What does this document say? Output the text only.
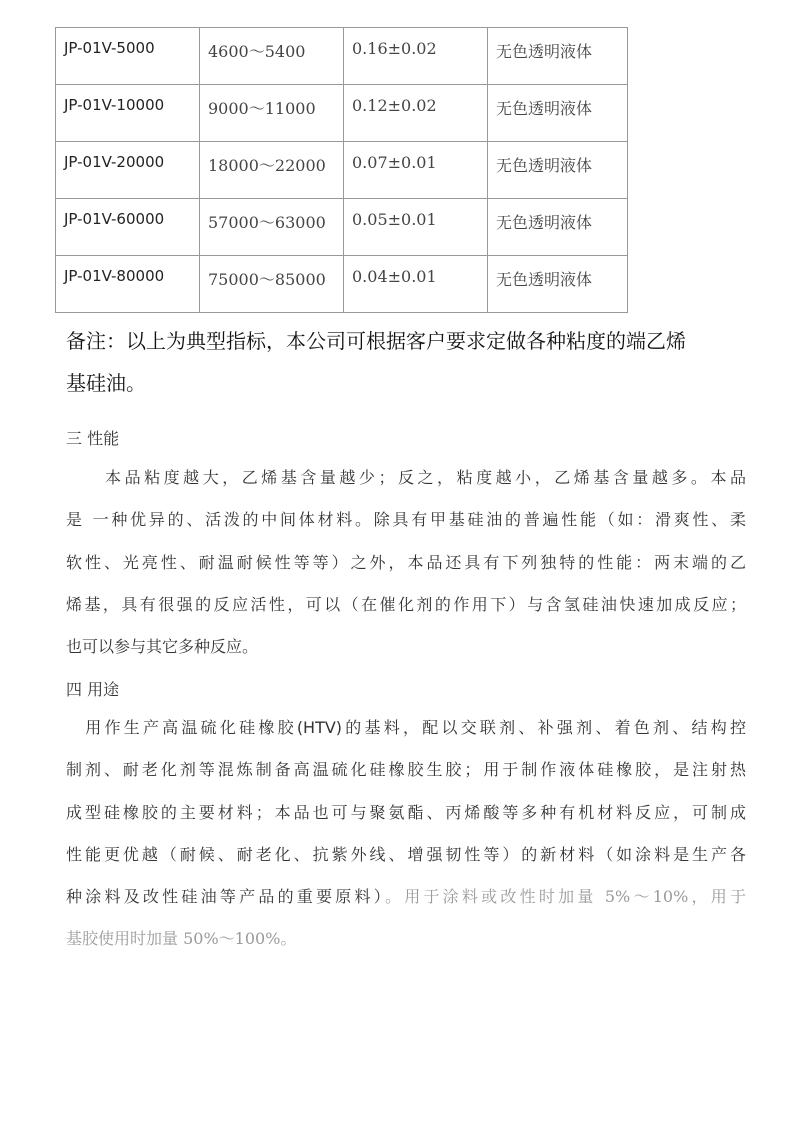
JP-01V-5000	4600～5400	0.16±0.02	无色透明液体
JP-01V-10000	9000～11000	0.12±0.02	无色透明液体
JP-01V-20000	18000～22000	0.07±0.01	无色透明液体
JP-01V-60000	57000～63000	0.05±0.01	无色透明液体
JP-01V-80000	75000～85000	0.04±0.01	无色透明液体
备注：以上为典型指标，本公司可根据客户要求定做各种粘度的端乙烯
基硅油。
三 性能
　　本品粘度越大，乙烯基含量越少；反之，粘度越小，乙烯基含量越多。本品
是 一种优异的、活泼的中间体材料。除具有甲基硅油的普遍性能（如：滑爽性、柔
软性、光亮性、耐温耐候性等等）之外，本品还具有下列独特的性能：两末端的乙
烯基，具有很强的反应活性，可以（在催化剂的作用下）与含氢硅油快速加成反应；
也可以参与其它多种反应。
四 用途
　用作生产高温硫化硅橡胶(HTV)的基料，配以交联剂、补强剂、着色剂、结构控
制剂、耐老化剂等混炼制备高温硫化硅橡胶生胶；用于制作液体硅橡胶，是注射热
成型硅橡胶的主要材料；本品也可与聚氨酯、丙烯酸等多种有机材料反应，可制成
性能更优越（耐候、耐老化、抗紫外线、增强韧性等）的新材料（如涂料是生产各
种涂料及改性硅油等产品的重要原料）。用于涂料或改性时加量 5%～10%，用于
基胶使用时加量 50%～100%。
